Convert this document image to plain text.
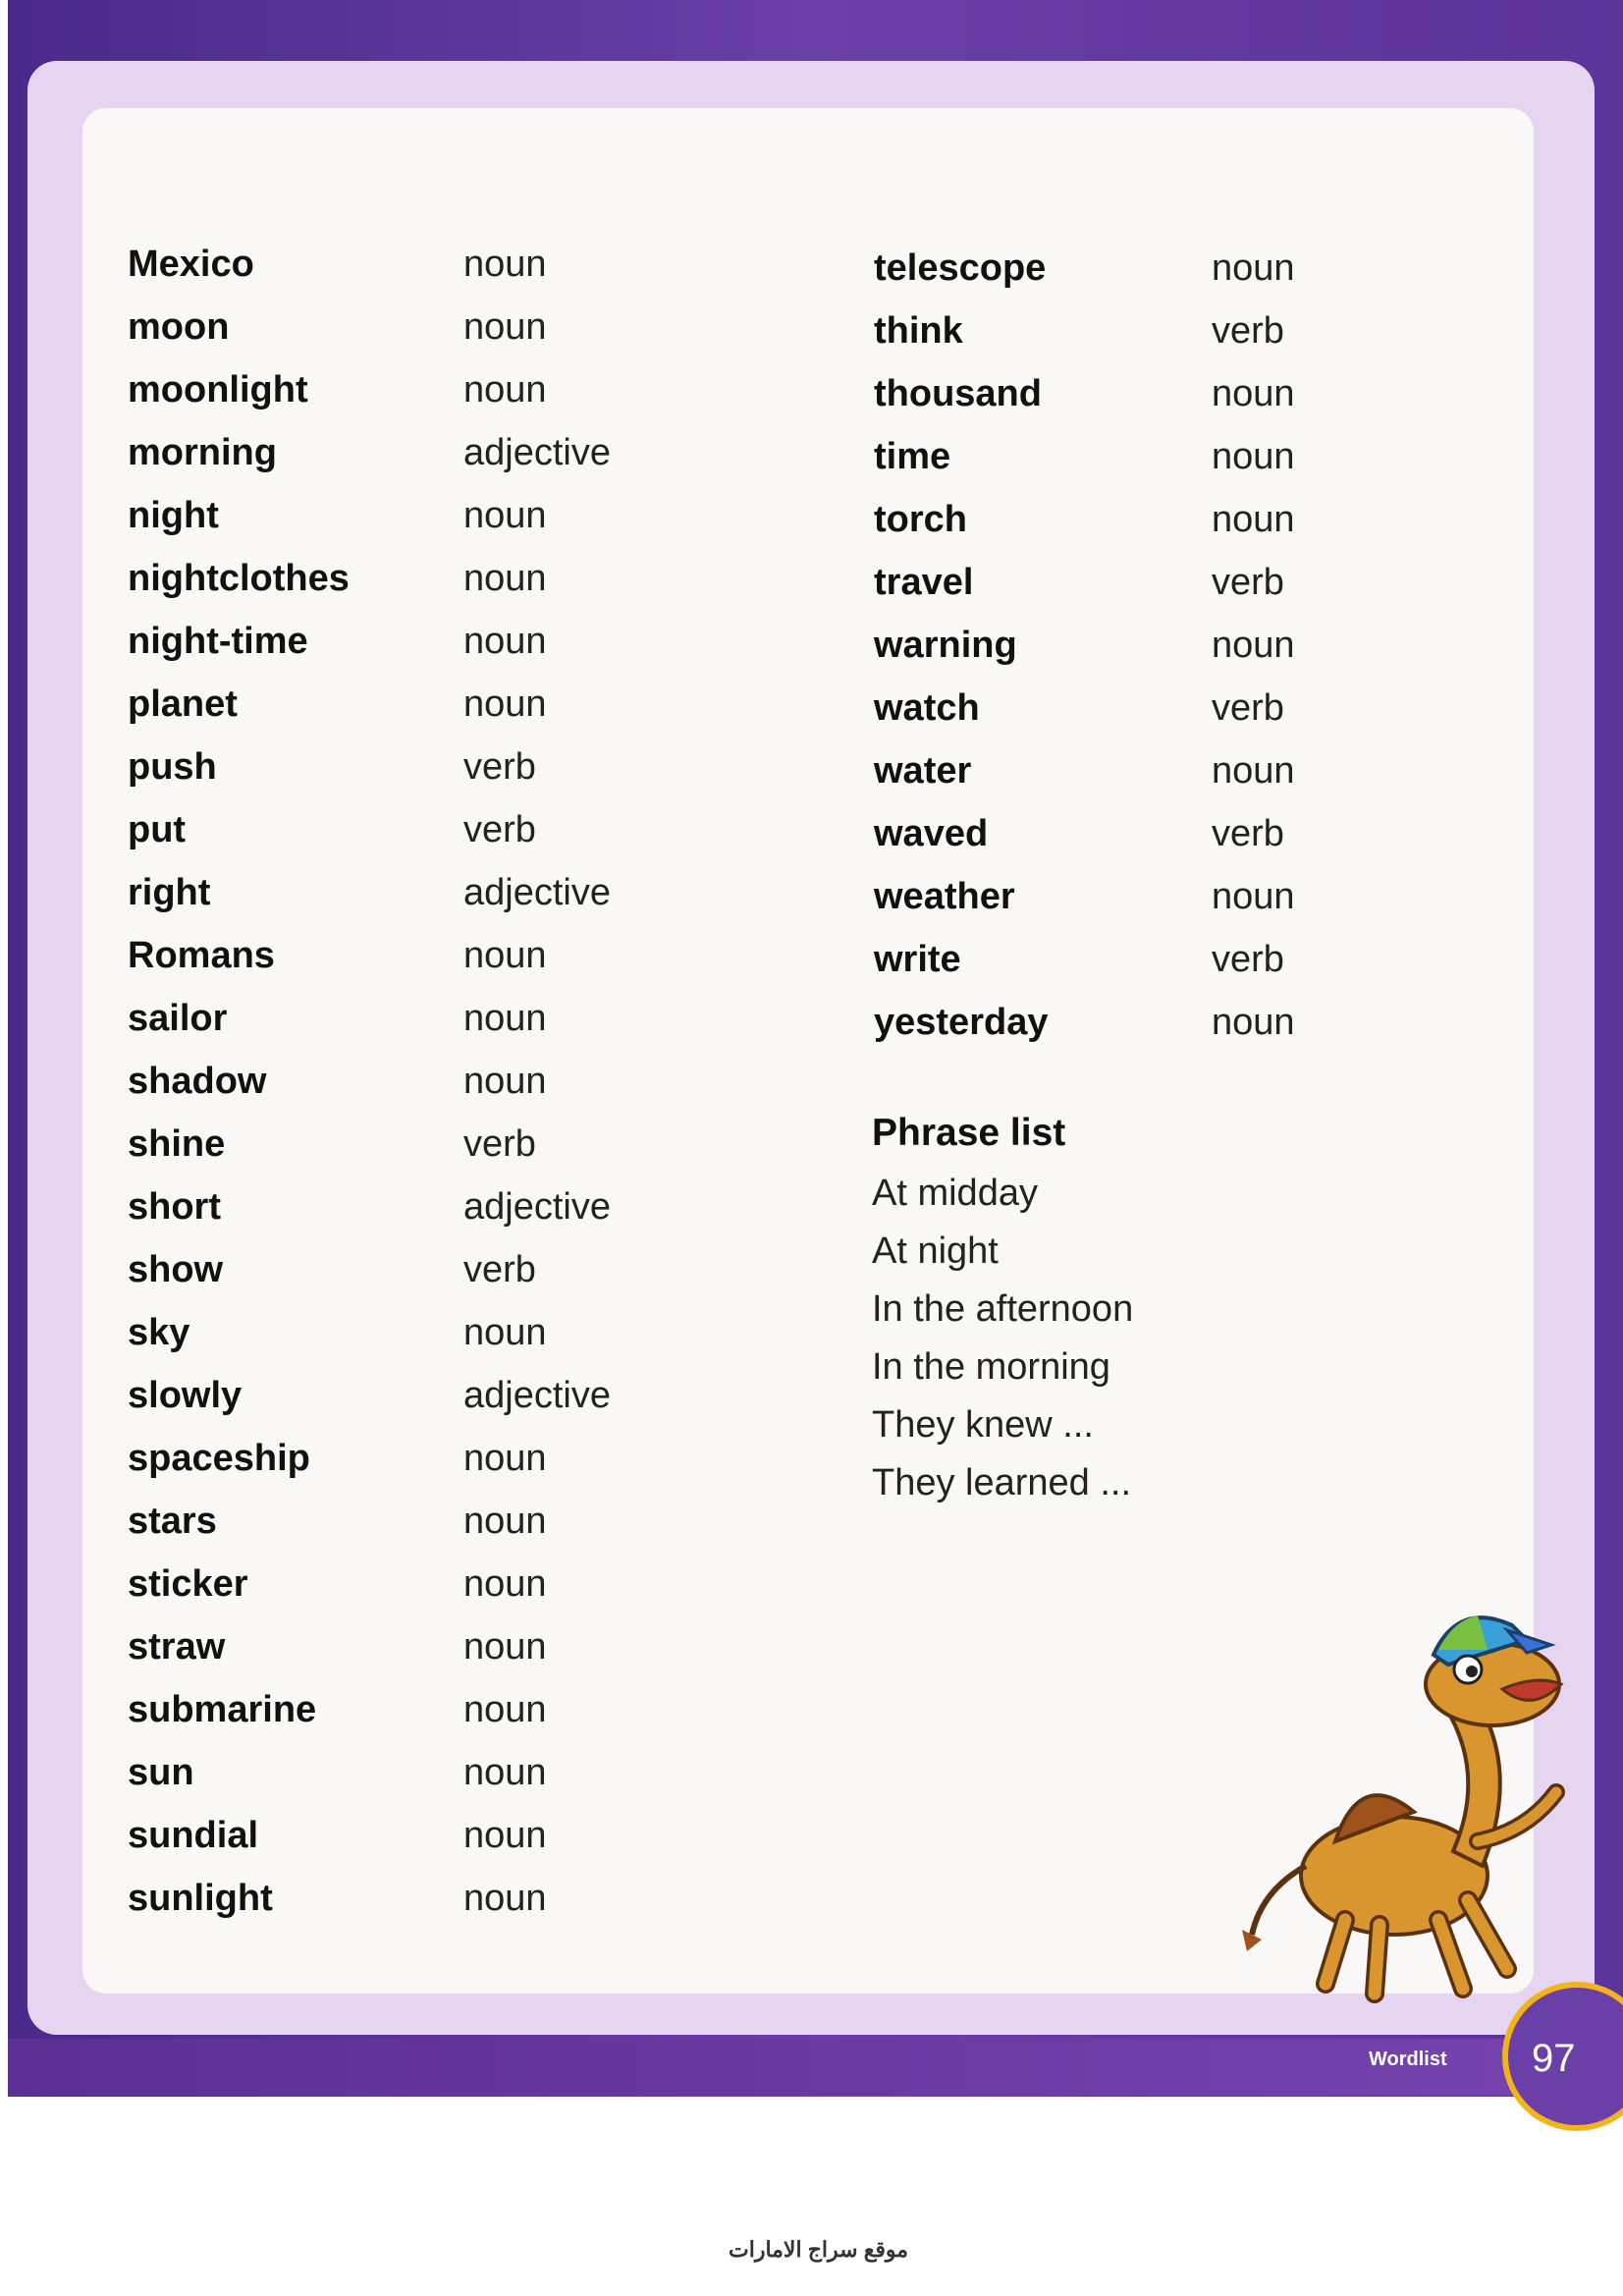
Mexico	noun
moon	noun
moonlight	noun
morning	adjective
night	noun
nightclothes	noun
night-time	noun
planet	noun
push	verb
put	verb
right	adjective
Romans	noun
sailor	noun
shadow	noun
shine	verb
short	adjective
show	verb
sky	noun
slowly	adjective
spaceship	noun
stars	noun
sticker	noun
straw	noun
submarine	noun
sun	noun
sundial	noun
sunlight	noun
telescope	noun
think	verb
thousand	noun
time	noun
torch	noun
travel	verb
warning	noun
watch	verb
water	noun
waved	verb
weather	noun
write	verb
yesterday	noun
Phrase list
At midday
At night
In the afternoon
In the morning
They knew ...
They learned ...
Wordlist 97
موقع سراج الامارات
